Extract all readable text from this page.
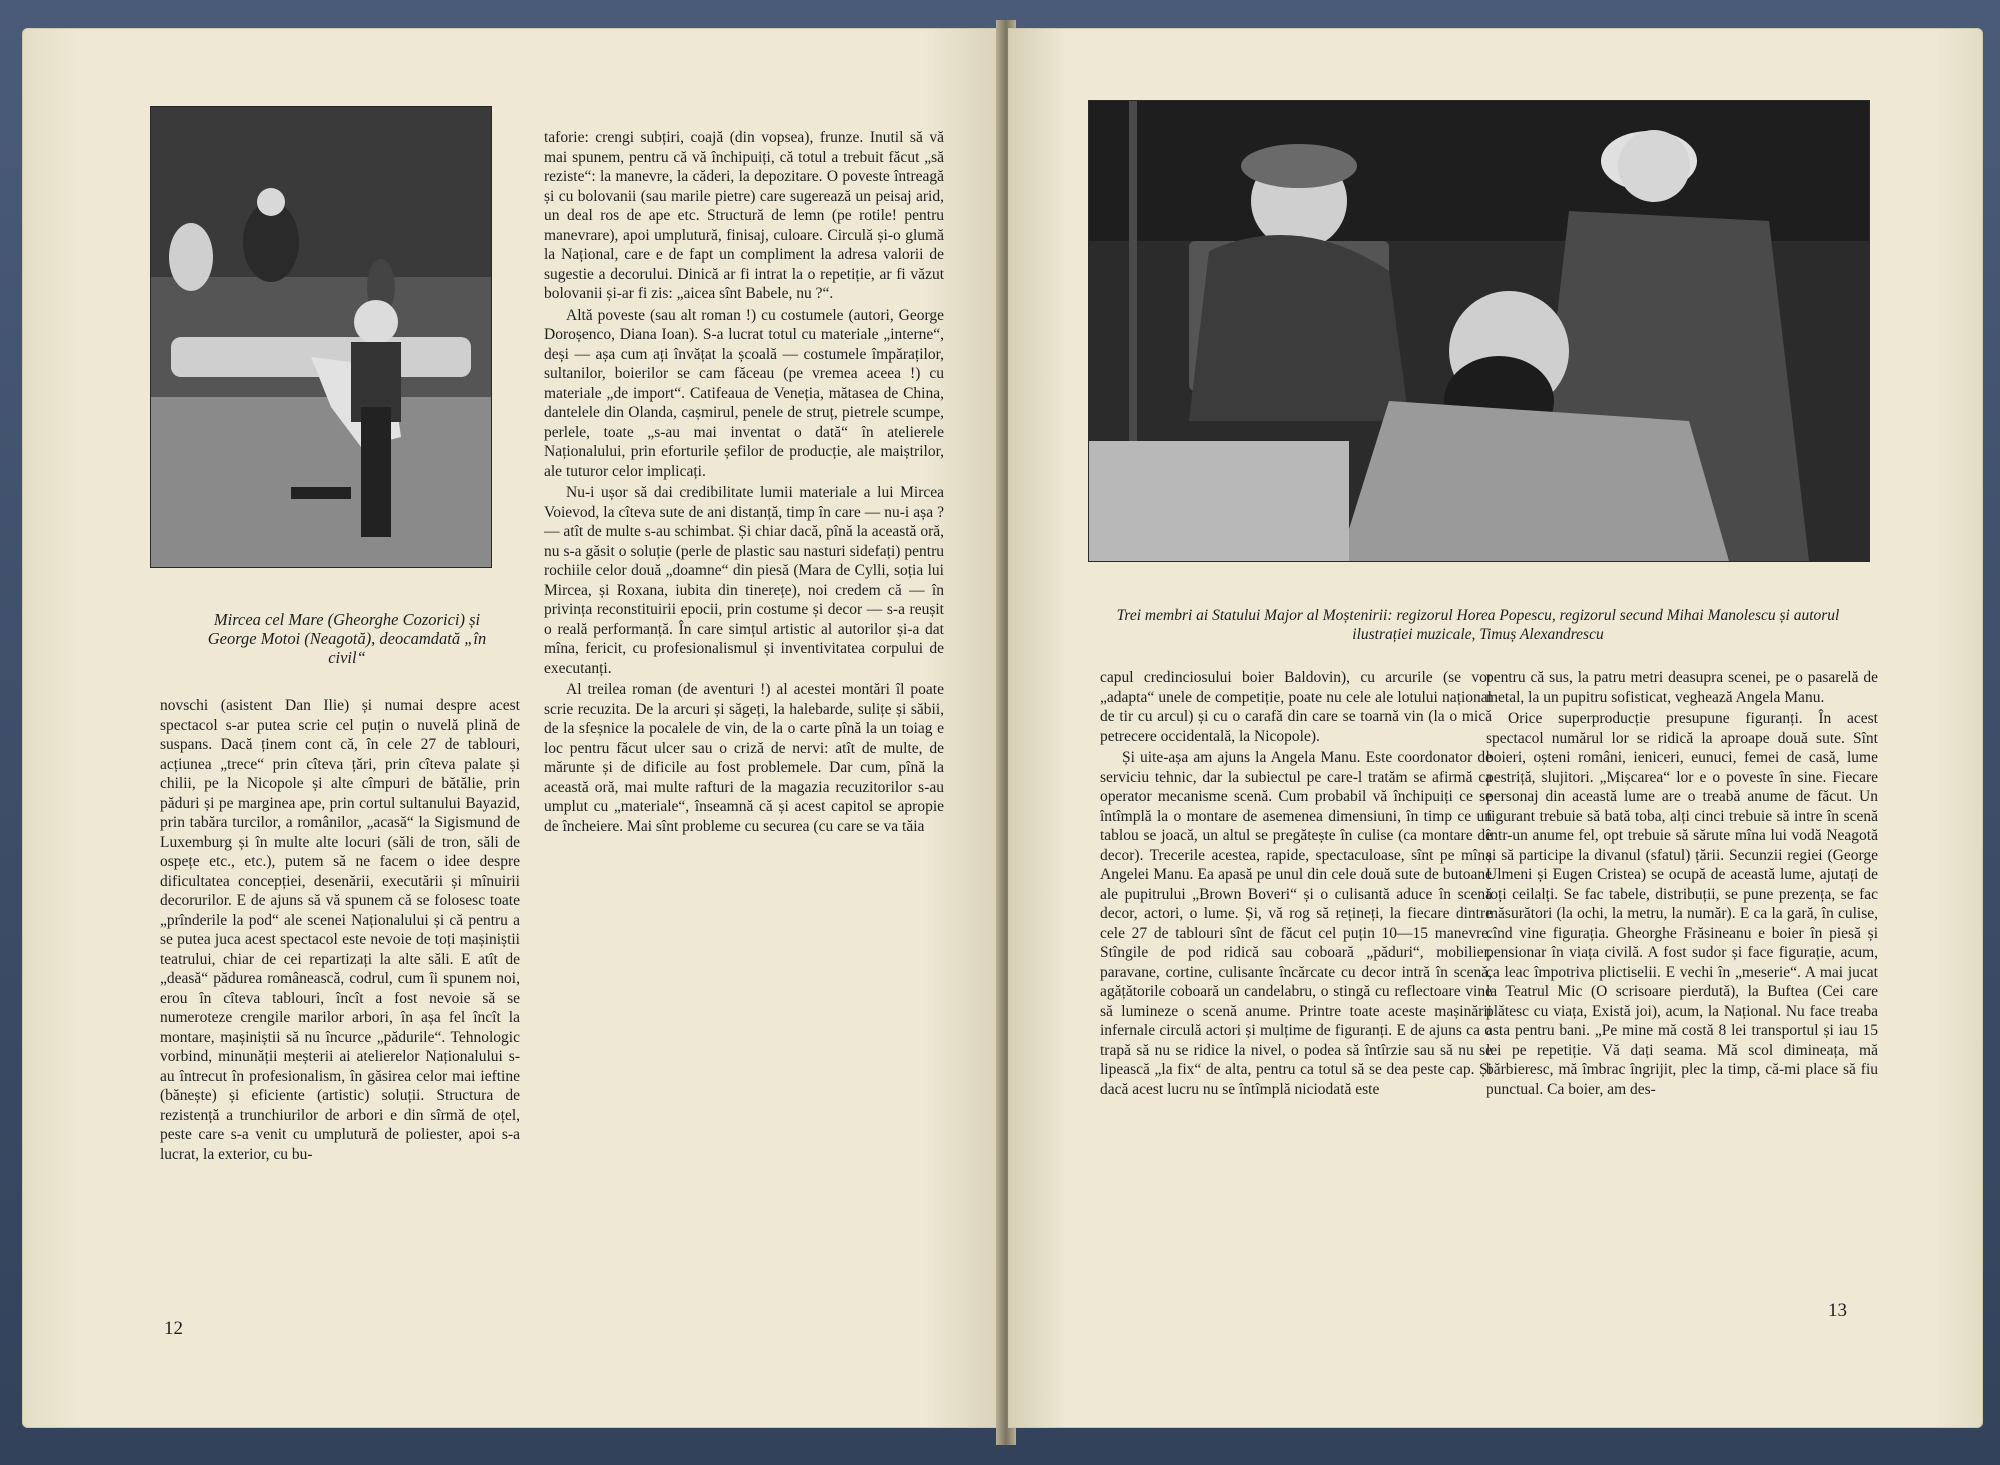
Mircea cel Mare (Gheorghe Cozorici) și George Motoi (Neagotă), deocamdată „în civil“

novschi (asistent Dan Ilie) și numai despre acest spectacol s-ar putea scrie cel puțin o nuvelă plină de suspans. Dacă ținem cont că, în cele 27 de tablouri, acțiunea „trece“ prin cîteva țări, prin cîteva palate și chilii, pe la Nicopole și alte cîmpuri de bătălie, prin păduri și pe marginea ape, prin cortul sultanului Bayazid, prin tabăra turcilor, a românilor, „acasă“ la Sigismund de Luxemburg și în multe alte locuri (săli de tron, săli de ospețe etc., etc.), putem să ne facem o idee despre dificultatea concepției, desenării, executării și mînuirii decorurilor. E de ajuns să vă spunem că se folosesc toate „prînderile la pod“ ale scenei Naționalului și că pentru a se putea juca acest spectacol este nevoie de toți mașiniștii teatrului, chiar de cei repartizați la alte săli. E atît de „deasă“ pădurea românească, codrul, cum îi spunem noi, erou în cîteva tablouri, încît a fost nevoie să se numeroteze crengile marilor arbori, în așa fel încît la montare, mașiniștii să nu încurce „pădurile“. Tehnologic vorbind, minunății meșterii ai atelierelor Naționalului s-au întrecut în profesionalism, în găsirea celor mai ieftine (bănește) și eficiente (artistic) soluții. Structura de rezistență a trunchiurilor de arbori e din sîrmă de oțel, peste care s-a venit cu umplutură de poliester, apoi s-a lucrat, la exterior, cu bu-

taforie: crengi subțiri, coajă (din vopsea), frunze. Inutil să vă mai spunem, pentru că vă închipuiți, că totul a trebuit făcut „să reziste“: la manevre, la căderi, la depozitare. O poveste întreagă și cu bolovanii (sau marile pietre) care sugerează un peisaj arid, un deal ros de ape etc. Structură de lemn (pe rotile! pentru manevrare), apoi umplutură, finisaj, culoare. Circulă și-o glumă la Național, care e de fapt un compliment la adresa valorii de sugestie a decorului. Dinică ar fi intrat la o repetiție, ar fi văzut bolovanii și-ar fi zis: „aicea sînt Babele, nu ?“.

Altă poveste (sau alt roman !) cu costumele (autori, George Doroșenco, Diana Ioan). S-a lucrat totul cu materiale „interne“, deși — așa cum ați învățat la școală — costumele împăraților, sultanilor, boierilor se cam făceau (pe vremea aceea !) cu materiale „de import“. Catifeaua de Veneția, mătasea de China, dantelele din Olanda, cașmirul, penele de struț, pietrele scumpe, perlele, toate „s-au mai inventat o dată“ în atelierele Naționalului, prin eforturile șefilor de producție, ale maiștrilor, ale tuturor celor implicați.

Nu-i ușor să dai credibilitate lumii materiale a lui Mircea Voievod, la cîteva sute de ani distanță, timp în care — nu-i așa ? — atît de multe s-au schimbat. Și chiar dacă, pînă la această oră, nu s-a găsit o soluție (perle de plastic sau nasturi sidefați) pentru rochiile celor două „doamne“ din piesă (Mara de Cylli, soția lui Mircea, și Roxana, iubita din tinerețe), noi credem că — în privința reconstituirii epocii, prin costume și decor — s-a reușit o reală performanță. În care simțul artistic al autorilor și-a dat mîna, fericit, cu profesionalismul și inventivitatea corpului de executanți.

Al treilea roman (de aventuri !) al acestei montări îl poate scrie recuzita. De la arcuri și săgeți, la halebarde, sulițe și săbii, de la sfeșnice la pocalele de vin, de la o carte pînă la un toiag e loc pentru făcut ulcer sau o criză de nervi: atît de multe, de mărunte și de dificile au fost problemele. Dar cum, pînă la această oră, mai multe rafturi de la magazia recuzitorilor s-au umplut cu „materiale“, înseamnă că și acest capitol se apropie de încheiere. Mai sînt probleme cu securea (cu care se va tăia

12
Trei membri ai Statului Major al Moștenirii: regizorul Horea Popescu, regizorul secund Mihai Manolescu și autorul ilustrației muzicale, Timuș Alexandrescu

capul credinciosului boier Baldovin), cu arcurile (se vor „adapta“ unele de competiție, poate nu cele ale lotului național de tir cu arcul) și cu o carafă din care se toarnă vin (la o mică petrecere occidentală, la Nicopole).

Și uite-așa am ajuns la Angela Manu. Este coordonator de serviciu tehnic, dar la subiectul pe care-l tratăm se afirmă ca operator mecanisme scenă. Cum probabil vă închipuiți ce se întîmplă la o montare de asemenea dimensiuni, în timp ce un tablou se joacă, un altul se pregătește în culise (ca montare de decor). Trecerile acestea, rapide, spectaculoase, sînt pe mîna Angelei Manu. Ea apasă pe unul din cele două sute de butoane ale pupitrului „Brown Boveri“ și o culisantă aduce în scenă decor, actori, o lume. Și, vă rog să rețineți, la fiecare dintre cele 27 de tablouri sînt de făcut cel puțin 10—15 manevre. Stîngile de pod ridică sau coboară „păduri“, mobilier, paravane, cortine, culisante încărcate cu decor intră în scenă, agățătorile coboară un candelabru, o stingă cu reflectoare vine să lumineze o scenă anume. Printre toate aceste mașinării infernale circulă actori și mulțime de figuranți. E de ajuns ca o trapă să nu se ridice la nivel, o podea să întîrzie sau să nu se lipească „la fix“ de alta, pentru ca totul să se dea peste cap. Și dacă acest lucru nu se întîmplă niciodată este

pentru că sus, la patru metri deasupra scenei, pe o pasarelă de metal, la un pupitru sofisticat, veghează Angela Manu.

Orice superproducție presupune figuranți. În acest spectacol numărul lor se ridică la aproape două sute. Sînt boieri, oșteni români, ieniceri, eunuci, femei de casă, lume pestriță, slujitori. „Mișcarea“ lor e o poveste în sine. Fiecare personaj din această lume are o treabă anume de făcut. Un figurant trebuie să bată toba, alți cinci trebuie să intre în scenă într-un anume fel, opt trebuie să sărute mîna lui vodă Neagotă și să participe la divanul (sfatul) țării. Secunzii regiei (George Ulmeni și Eugen Cristea) se ocupă de această lume, ajutați de toți ceilalți. Se fac tabele, distribuții, se pune prezența, se fac măsurători (la ochi, la metru, la număr). E ca la gară, în culise, cînd vine figurația. Gheorghe Frăsineanu e boier în piesă și pensionar în viața civilă. A fost sudor și face figurație, acum, ca leac împotriva plictiselii. E vechi în „meserie“. A mai jucat la Teatrul Mic (O scrisoare pierdută), la Buftea (Cei care plătesc cu viața, Există joi), acum, la Național. Nu face treaba asta pentru bani. „Pe mine mă costă 8 lei transportul și iau 15 lei pe repetiție. Vă dați seama. Mă scol dimineața, mă bărbieresc, mă îmbrac îngrijit, plec la timp, că-mi place să fiu punctual. Ca boier, am des-

13
